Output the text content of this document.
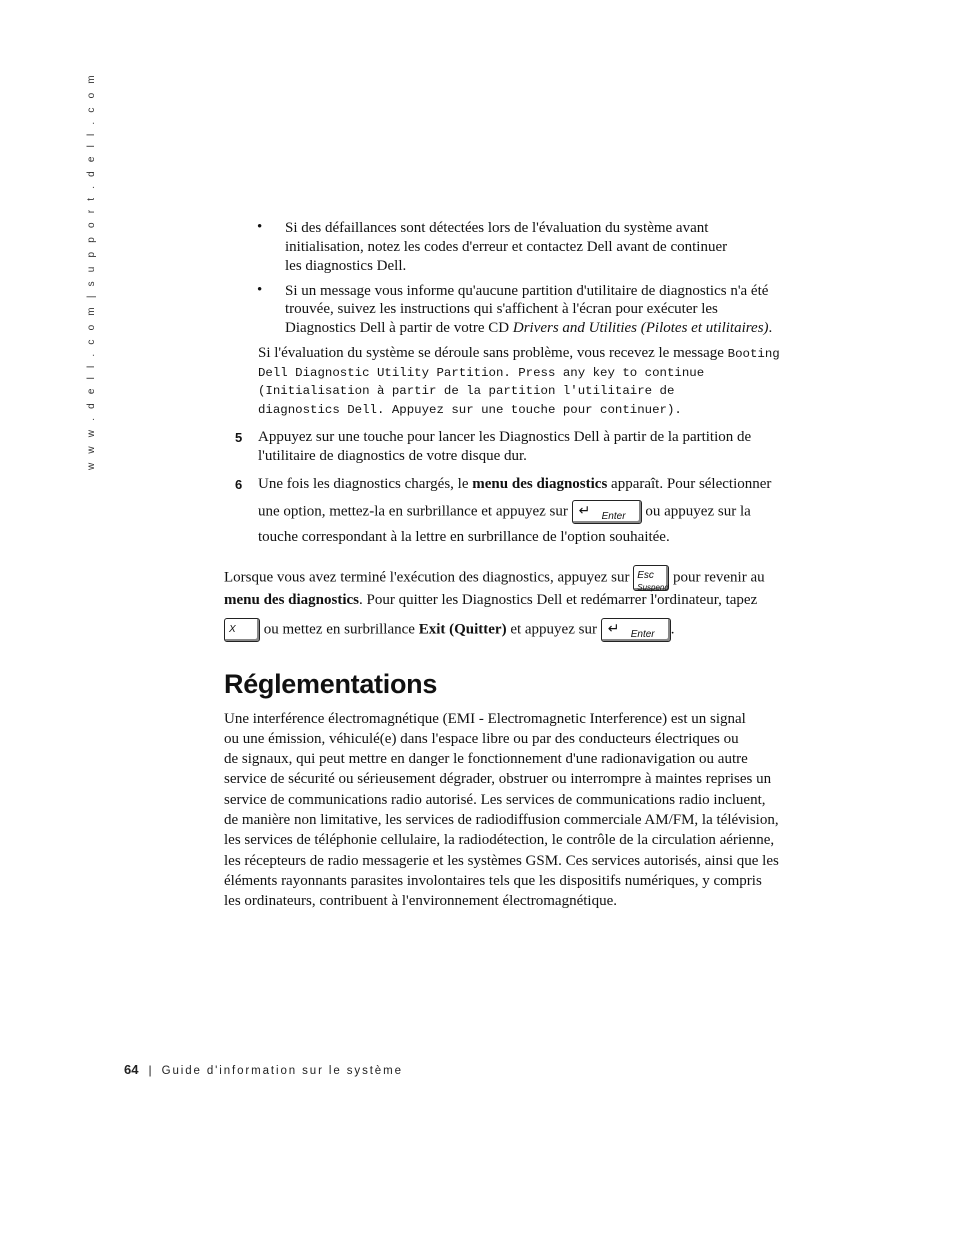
w w w . d e l l . c o m | s u p p o r t . d e l l . c o m	• Si des défaillances sont détectées lors de l'évaluation du système avant
initialisation, notez les codes d'erreur et contactez Dell avant de continuer
les diagnostics Dell.
• Si un message vous informe qu'aucune partition d'utilitaire de diagnostics n'a été
trouvée, suivez les instructions qui s'affichent à l'écran pour exécuter les
Diagnostics Dell à partir de votre CD Drivers and Utilities (Pilotes et utilitaires).
Si l'évaluation du système se déroule sans problème, vous recevez le message Booting
Dell Diagnostic Utility Partition. Press any key to continue
(Initialisation à partir de la partition l'utilitaire de
diagnostics Dell. Appuyez sur une touche pour continuer).
5 Appuyez sur une touche pour lancer les Diagnostics Dell à partir de la partition de
l'utilitaire de diagnostics de votre disque dur.
6 Une fois les diagnostics chargés, le menu des diagnostics apparaît. Pour sélectionner
une option, mettez-la en surbrillance et appuyez sur ↵ Enter ou appuyez sur la
touche correspondant à la lettre en surbrillance de l'option souhaitée.
Lorsque vous avez terminé l'exécution des diagnostics, appuyez sur Esc
Suspend
pour revenir au
menu des diagnostics. Pour quitter les Diagnostics Dell et redémarrer l'ordinateur, tapez
X ou mettez en surbrillance Exit (Quitter) et appuyez sur ↵ Enter .
Réglementations
Une interférence électromagnétique (EMI - Electromagnetic Interference) est un signal
ou une émission, véhiculé(e) dans l'espace libre ou par des conducteurs électriques ou
de signaux, qui peut mettre en danger le fonctionnement d'une radionavigation ou autre
service de sécurité ou sérieusement dégrader, obstruer ou interrompre à maintes reprises un
service de communications radio autorisé. Les services de communications radio incluent,
de manière non limitative, les services de radiodiffusion commerciale AM/FM, la télévision,
les services de téléphonie cellulaire, la radiodétection, le contrôle de la circulation aérienne,
les récepteurs de radio messagerie et les systèmes GSM. Ces services autorisés, ainsi que les
éléments rayonnants parasites involontaires tels que les dispositifs numériques, y compris
les ordinateurs, contribuent à l'environnement électromagnétique.
64 | Guide d'information sur le système
